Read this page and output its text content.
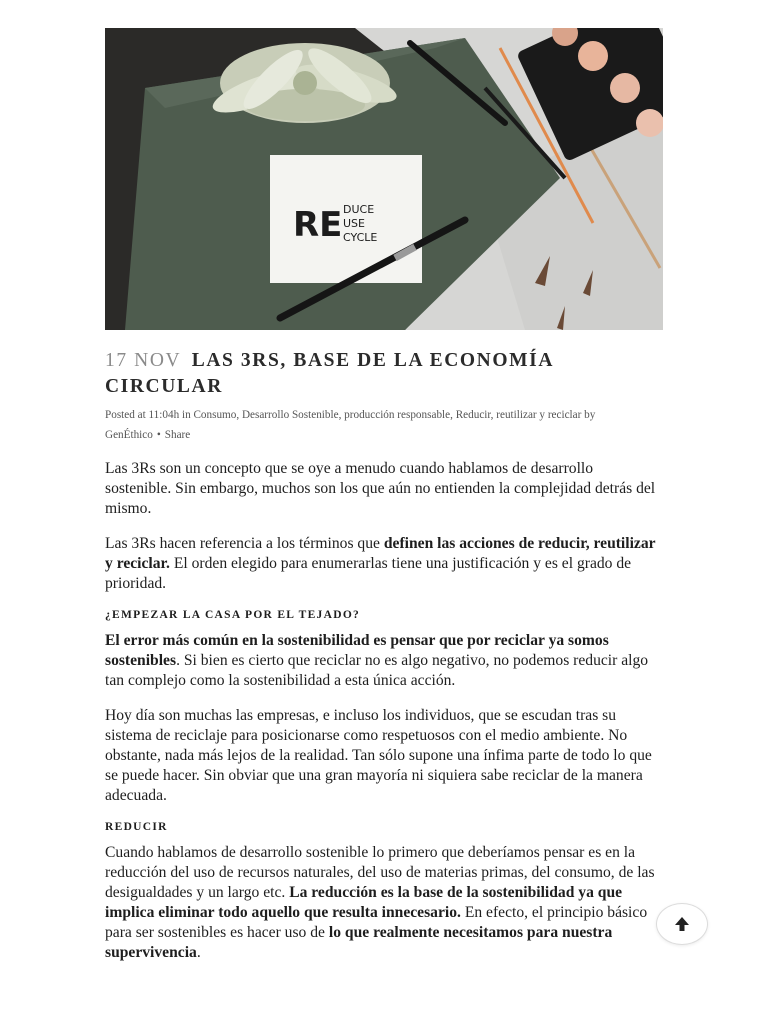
RE DUCE
USE
CYCLE
17 NOV LAS 3RS, BASE DE LA ECONOMÍA CIRCULAR
Posted at 11:04h in Consumo, Desarrollo Sostenible, producción responsable, Reducir, reutilizar y reciclar by GenÉthico • Share

Las 3Rs son un concepto que se oye a menudo cuando hablamos de desarrollo sostenible. Sin embargo, muchos son los que aún no entienden la complejidad detrás del mismo.

Las 3Rs hacen referencia a los términos que definen las acciones de reducir, reutilizar y reciclar. El orden elegido para enumerarlas tiene una justificación y es el grado de prioridad.

¿EMPEZAR LA CASA POR EL TEJADO?

El error más común en la sostenibilidad es pensar que por reciclar ya somos sostenibles. Si bien es cierto que reciclar no es algo negativo, no podemos reducir algo tan complejo como la sostenibilidad a esta única acción.

Hoy día son muchas las empresas, e incluso los individuos, que se escudan tras su sistema de reciclaje para posicionarse como respetuosos con el medio ambiente. No obstante, nada más lejos de la realidad. Tan sólo supone una ínfima parte de todo lo que se puede hacer. Sin obviar que una gran mayoría ni siquiera sabe reciclar de la manera adecuada.

REDUCIR

Cuando hablamos de desarrollo sostenible lo primero que deberíamos pensar es en la reducción del uso de recursos naturales, del uso de materias primas, del consumo, de las desigualdades y un largo etc. La reducción es la base de la sostenibilidad ya que implica eliminar todo aquello que resulta innecesario. En efecto, el principio básico para ser sostenibles es hacer uso de lo que realmente necesitamos para nuestra supervivencia.
